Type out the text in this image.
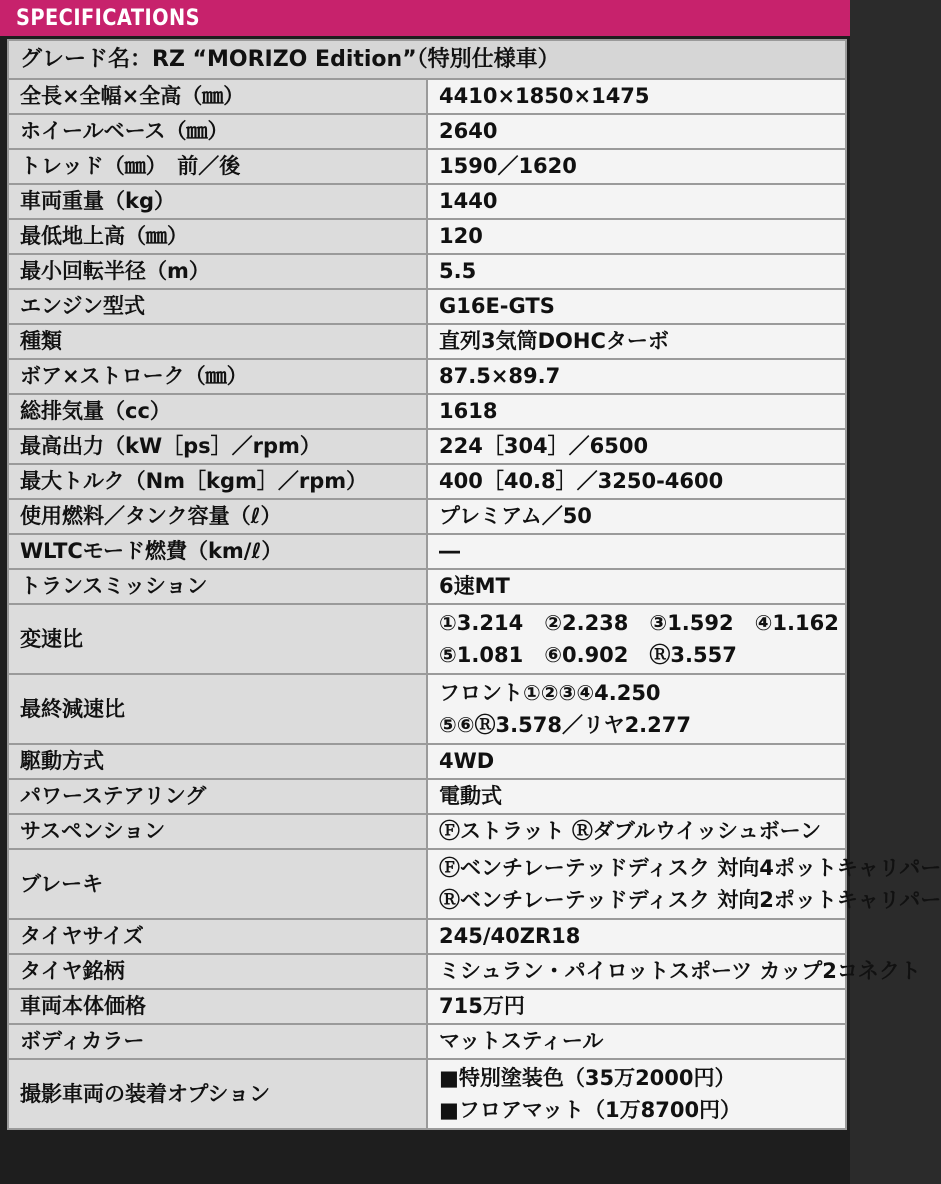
SPECIFICATIONS
グレード名：RZ “MORIZO Edition”（特別仕様車）	
全長×全幅×全高（㎜）	4410×1850×1475

ホイールベース（㎜）	2640

トレッド（㎜）　前／後	1590／1620

車両重量（kg）	1440

最低地上高（㎜）	120

最小回転半径（m）	5.5

エンジン型式	G16E-GTS

種類	直列3気筒DOHCターボ

ボア×ストローク（㎜）	87.5×89.7

総排気量（cc）	1618

最高出力（kW［ps］／rpm）	224［304］／6500

最大トルク（Nm［kgm］／rpm）	400［40.8］／3250-4600

使用燃料／タンク容量（ℓ）	プレミアム／50

WLTCモード燃費（km/ℓ）	―

トランスミッション	6速MT

変速比	①3.214　②2.238　③1.592　④1.162
⑤1.081　⑥0.902　Ⓡ3.557

最終減速比	フロント①②③④4.250
⑤⑥Ⓡ3.578／リヤ2.277

駆動方式	4WD

パワーステアリング	電動式

サスペンション	Ⓕストラット Ⓡダブルウイッシュボーン

ブレーキ	Ⓕベンチレーテッドディスク 対向4ポットキャリパー
Ⓡベンチレーテッドディスク 対向2ポットキャリパー

タイヤサイズ	245/40ZR18

タイヤ銘柄	ミシュラン・パイロットスポーツ カップ2コネクト

車両本体価格	715万円

ボディカラー	マットスティール

撮影車両の装着オプション	■特別塗装色（35万2000円）
■フロアマット（1万8700円）
